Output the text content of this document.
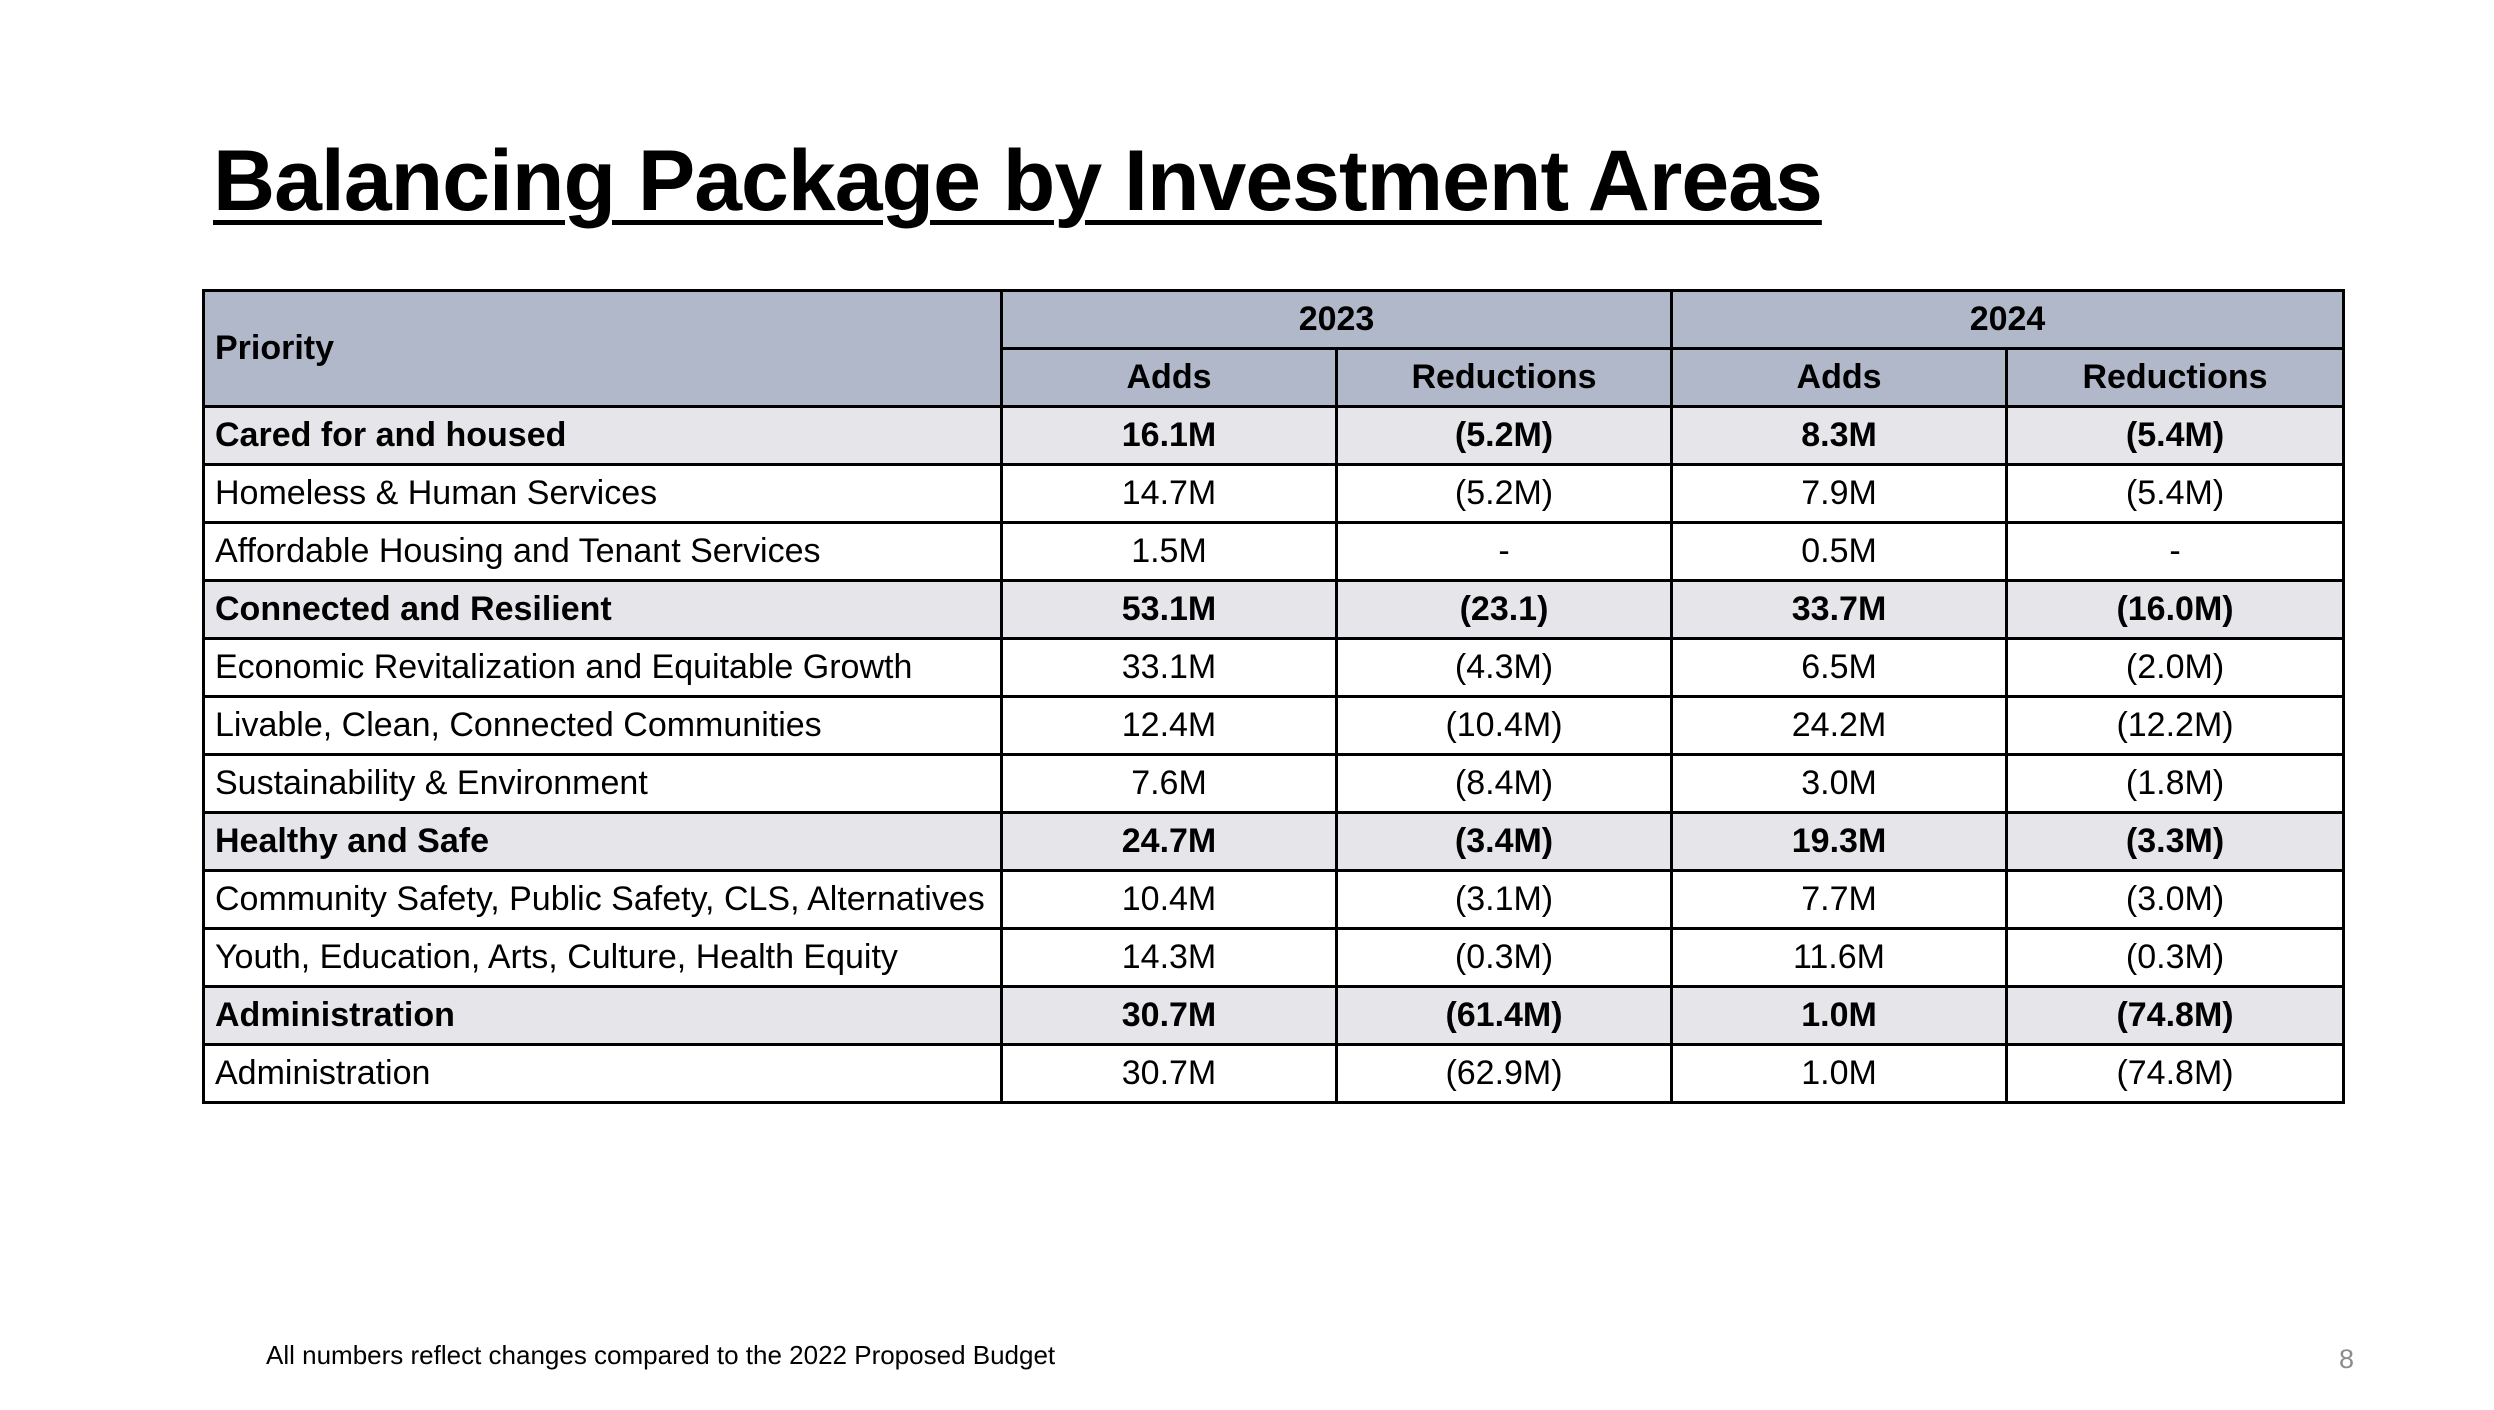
Balancing Package by Investment Areas
Priority	2023		2024	
	Adds	Reductions	Adds	Reductions
Cared for and housed	16.1M	(5.2M)	8.3M	(5.4M)
Homeless & Human Services	14.7M	(5.2M)	7.9M	(5.4M)
Affordable Housing and Tenant Services	1.5M	-	0.5M	-
Connected and Resilient	53.1M	(23.1)	33.7M	(16.0M)
Economic Revitalization and Equitable Growth	33.1M	(4.3M)	6.5M	(2.0M)
Livable, Clean, Connected Communities	12.4M	(10.4M)	24.2M	(12.2M)
Sustainability & Environment	7.6M	(8.4M)	3.0M	(1.8M)
Healthy and Safe	24.7M	(3.4M)	19.3M	(3.3M)
Community Safety, Public Safety, CLS, Alternatives	10.4M	(3.1M)	7.7M	(3.0M)
Youth, Education, Arts, Culture, Health Equity	14.3M	(0.3M)	11.6M	(0.3M)
Administration	30.7M	(61.4M)	1.0M	(74.8M)
Administration	30.7M	(62.9M)	1.0M	(74.8M)
All numbers reflect changes compared to the 2022 Proposed Budget	8
